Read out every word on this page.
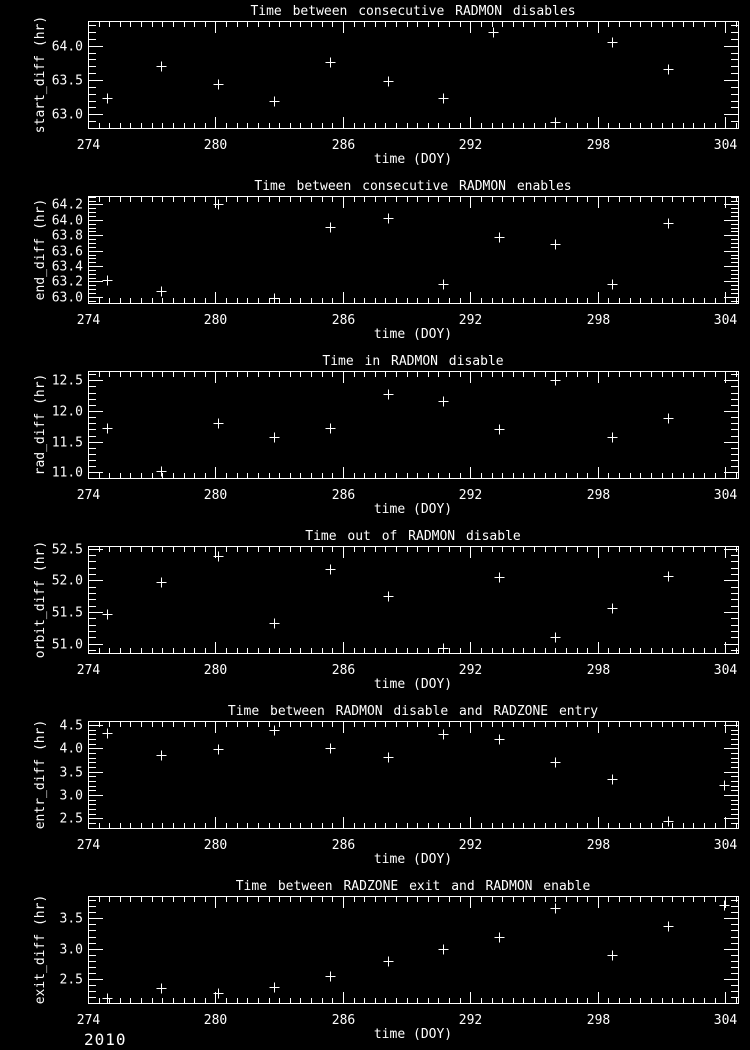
274	280	286	292	298	304
63.0
63.5
64.0
Time between consecutive RADMON disables
time (DOY)
start_diff (hr)
274	280	286	292	298	304
63.0
63.2
63.4
63.6
63.8
64.0
64.2
Time between consecutive RADMON enables
time (DOY)
end_diff (hr)
274	280	286	292	298	304
11.0
11.5
12.0
12.5
Time in RADMON disable
time (DOY)
rad_diff (hr)
274	280	286	292	298	304
51.0
51.5
52.0
52.5
Time out of RADMON disable
time (DOY)
orbit_diff (hr)
274	280	286	292	298	304
2.5
3.0
3.5
4.0
4.5
Time between RADMON disable and RADZONE entry
time (DOY)
entr_diff (hr)
274	280	286	292	298	304
2.5
3.0
3.5
Time between RADZONE exit and RADMON enable
time (DOY)
exit_diff (hr)
2010
